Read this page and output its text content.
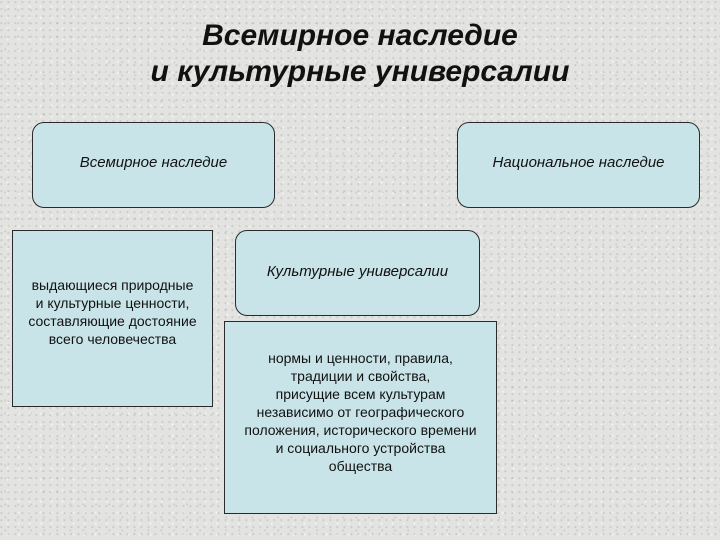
Всемирное наследие
и культурные универсалии
Всемирное наследие	Национальное наследие
Культурные универсалии
выдающиеся природные
и культурные ценности,
составляющие достояние
всего человечества
нормы и ценности, правила,
традиции и свойства,
присущие всем культурам
независимо от географического
положения, исторического времени
и социального устройства
общества
